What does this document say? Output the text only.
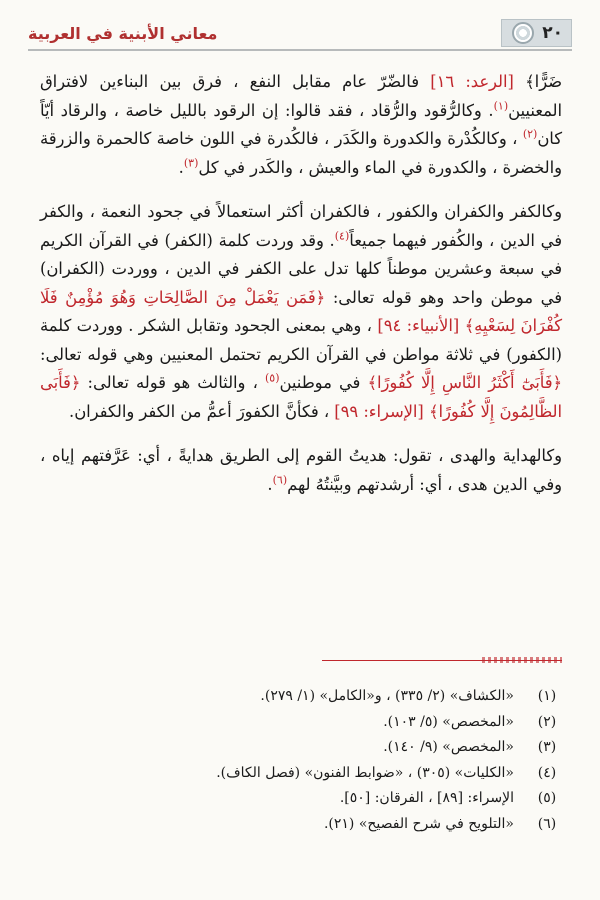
٢٠
معاني الأبنية في العربية

ضَرًّا﴾ [الرعد: ١٦] فالضّرّ عام مقابل النفع ، فرق بين البناءين لافتراق المعنيين$^{(١)}$. وكالرُّقود والرُّقاد ، فقد قالوا: إن الرقود بالليل خاصة ، والرقاد أيّاً كان$^{(٢)}$ ، وكالكُدْرة والكدورة والكَدَر ، فالكُدرة في اللون خاصة كالحمرة والزرقة والخضرة ، والكدورة في الماء والعيش ، والكَدر في كل$^{(٣)}$.

وكالكفر والكفران والكفور ، فالكفران أكثر استعمالاً في جحود النعمة ، والكفر في الدين ، والكُفور فيهما جميعاً$^{(٤)}$. وقد وردت كلمة (الكفر) في القرآن الكريم في سبعة وعشرين موطناً كلها تدل على الكفر في الدين ، ووردت (الكفران) في موطن واحد وهو قوله تعالى: ﴿فَمَن يَعْمَلْ مِنَ الصَّالِحَاتِ وَهُوَ مُؤْمِنٌ فَلَا كُفْرَانَ لِسَعْيِهِ﴾ [الأنبياء: ٩٤] ، وهي بمعنى الجحود وتقابل الشكر . ووردت كلمة (الكفور) في ثلاثة مواطن في القرآن الكريم تحتمل المعنيين وهي قوله تعالى: ﴿فَأَبَىٰٓ أَكْثَرُ النَّاسِ إِلَّا كُفُورًا﴾ في موطنين$^{(٥)}$ ، والثالث هو قوله تعالى: ﴿فَأَبَى الظَّالِمُونَ إِلَّا كُفُورًا﴾ [الإسراء: ٩٩] ، فكأنَّ الكفورَ أعمُّ من الكفر والكفران.

وكالهداية والهدى ، تقول: هديتُ القوم إلى الطريق هدايةً ، أي: عَرَّفتهم إياه ، وفي الدين هدى ، أي: أرشدتهم وبيَّنتُهُ لهم$^{(٦)}$.

(١)
«الكشاف» (٢/ ٣٣٥) ، و«الكامل» (١/ ٢٧٩).
(٢)
«المخصص» (٥/ ١٠٣).
(٣)
«المخصص» (٩/ ١٤٠).
(٤)
«الكليات» (٣٠٥) ، «ضوابط الفنون» (فصل الكاف).
(٥)
الإسراء: [٨٩] ، الفرقان: [٥٠].
(٦)
«التلويح في شرح الفصيح» (٢١).
